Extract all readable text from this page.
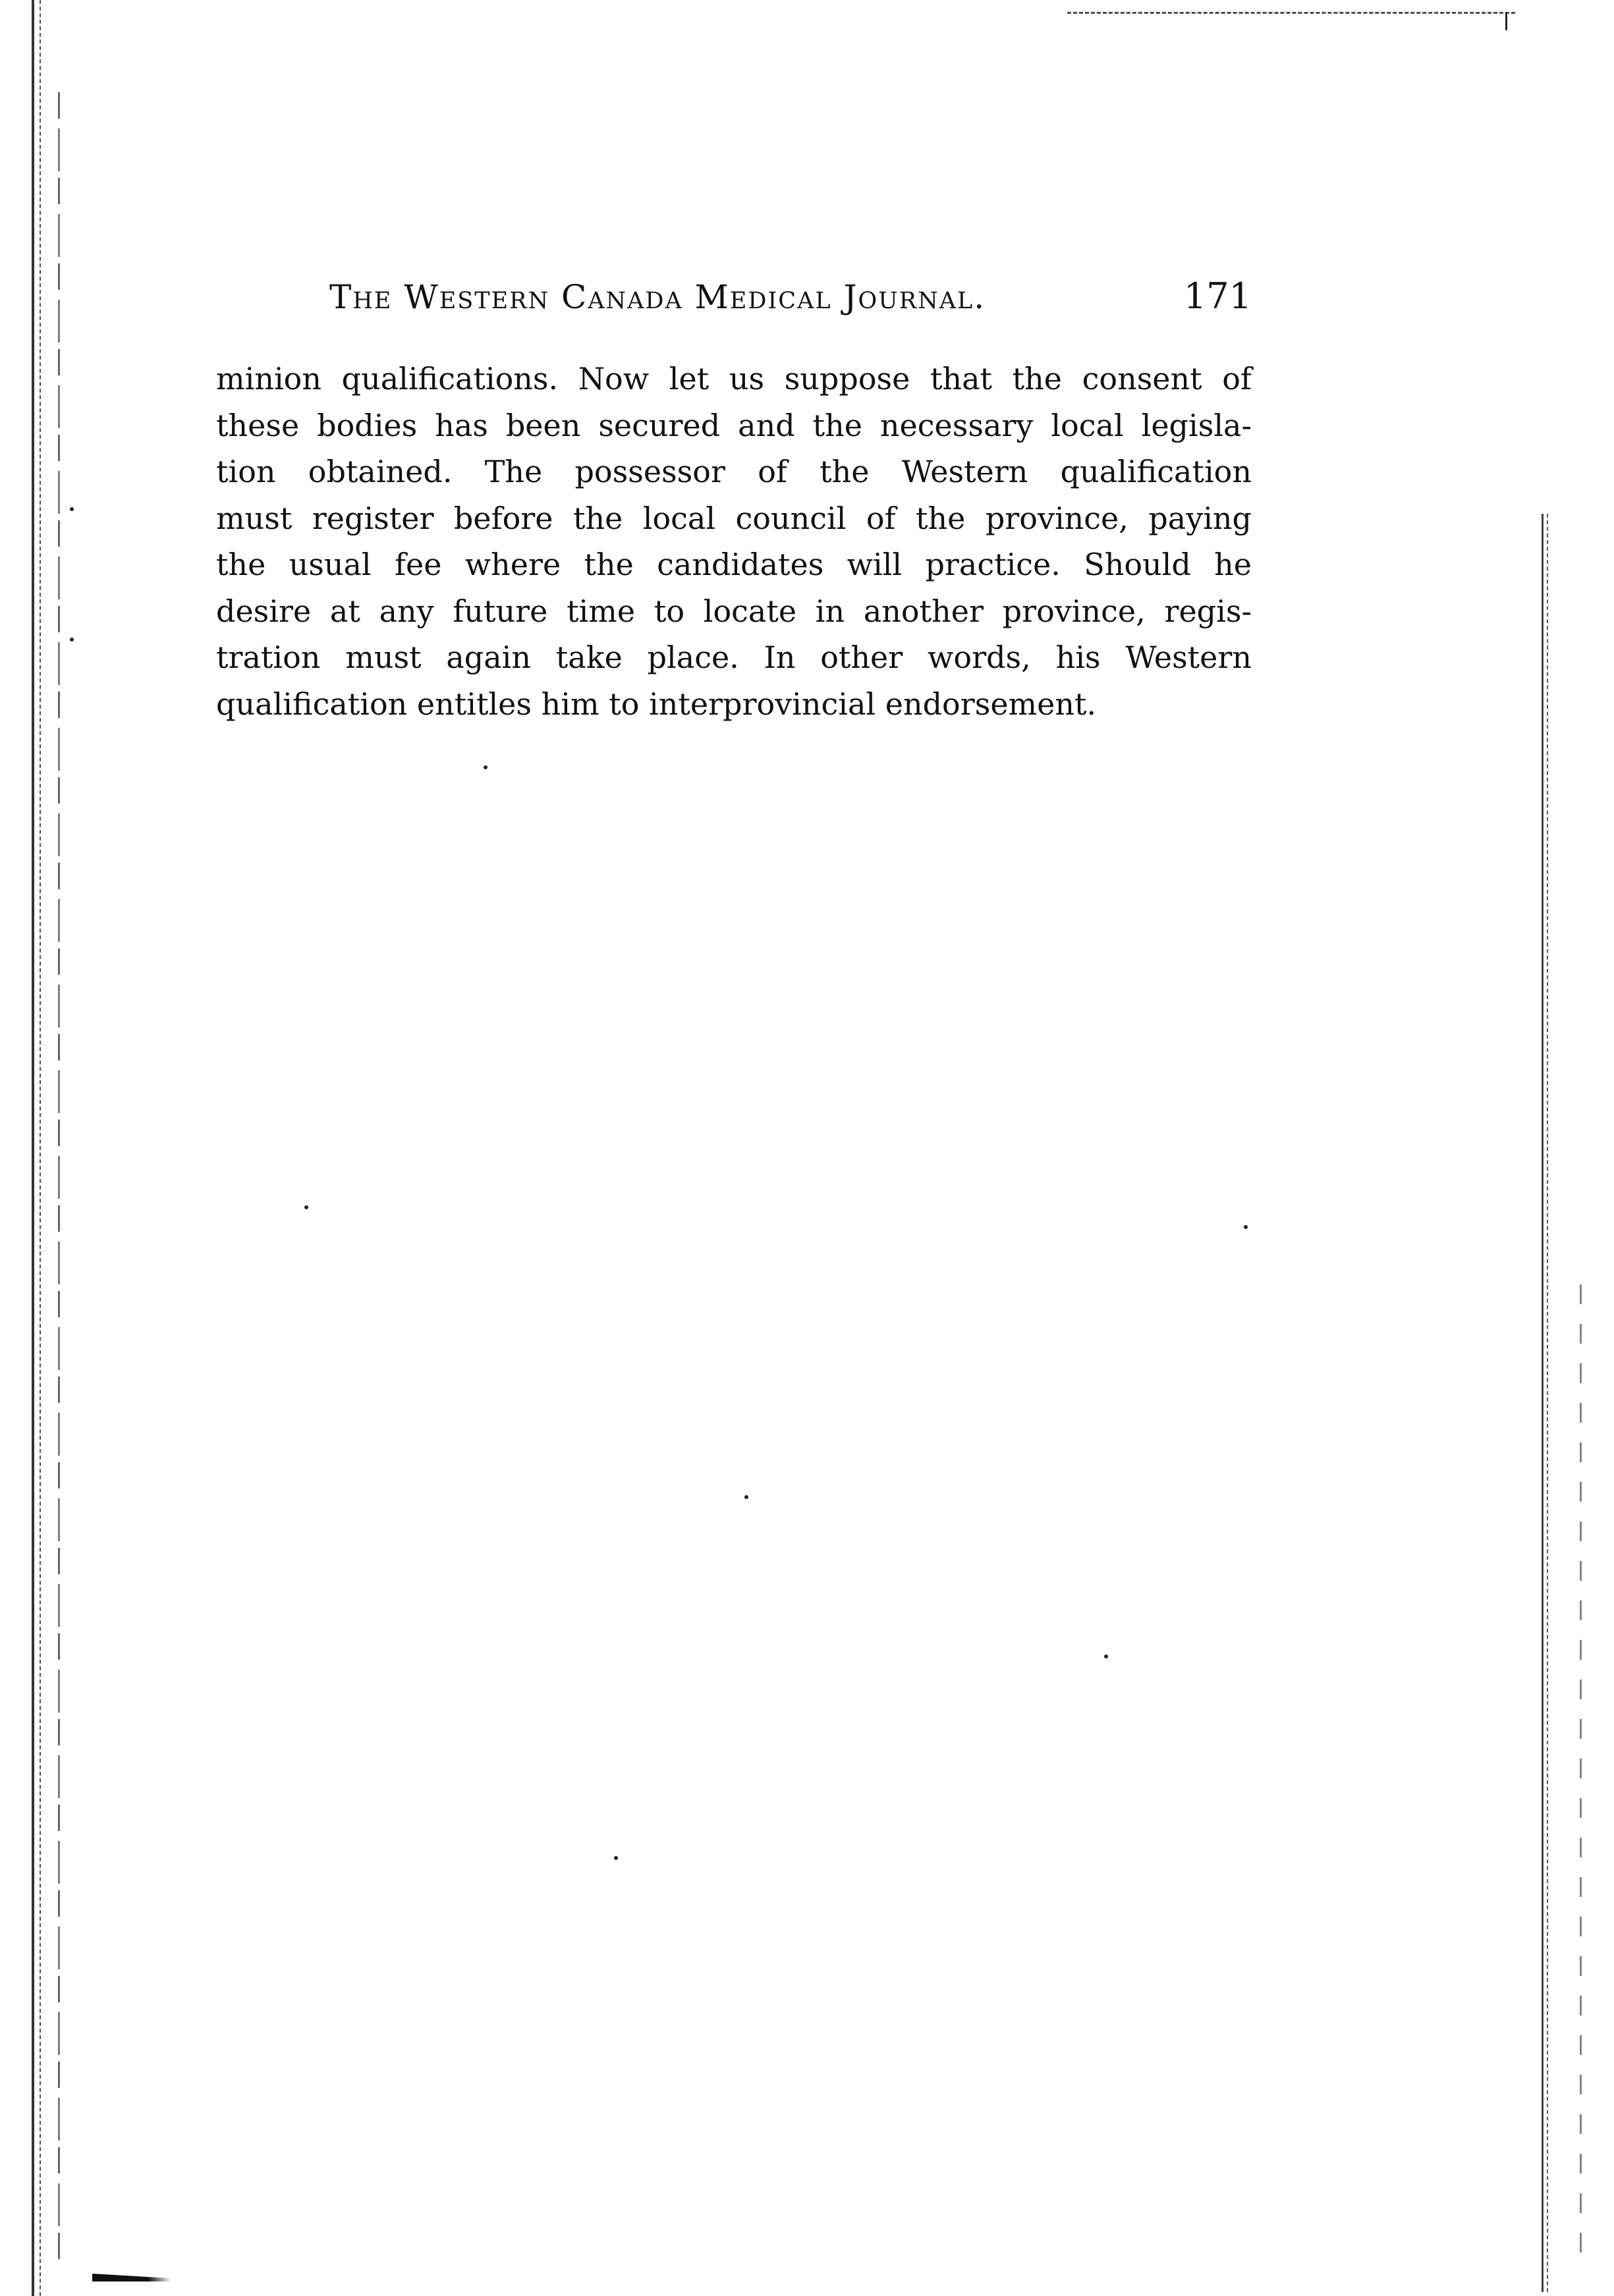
The Western Canada Medical Journal.	171
minion qualifications. Now let us suppose that the consent of
these bodies has been secured and the necessary local legisla-
tion obtained. The possessor of the Western qualification
must register before the local council of the province, paying
the usual fee where the candidates will practice. Should he
desire at any future time to locate in another province, regis-
tration must again take place. In other words, his Western
qualification entitles him to interprovincial endorsement.
